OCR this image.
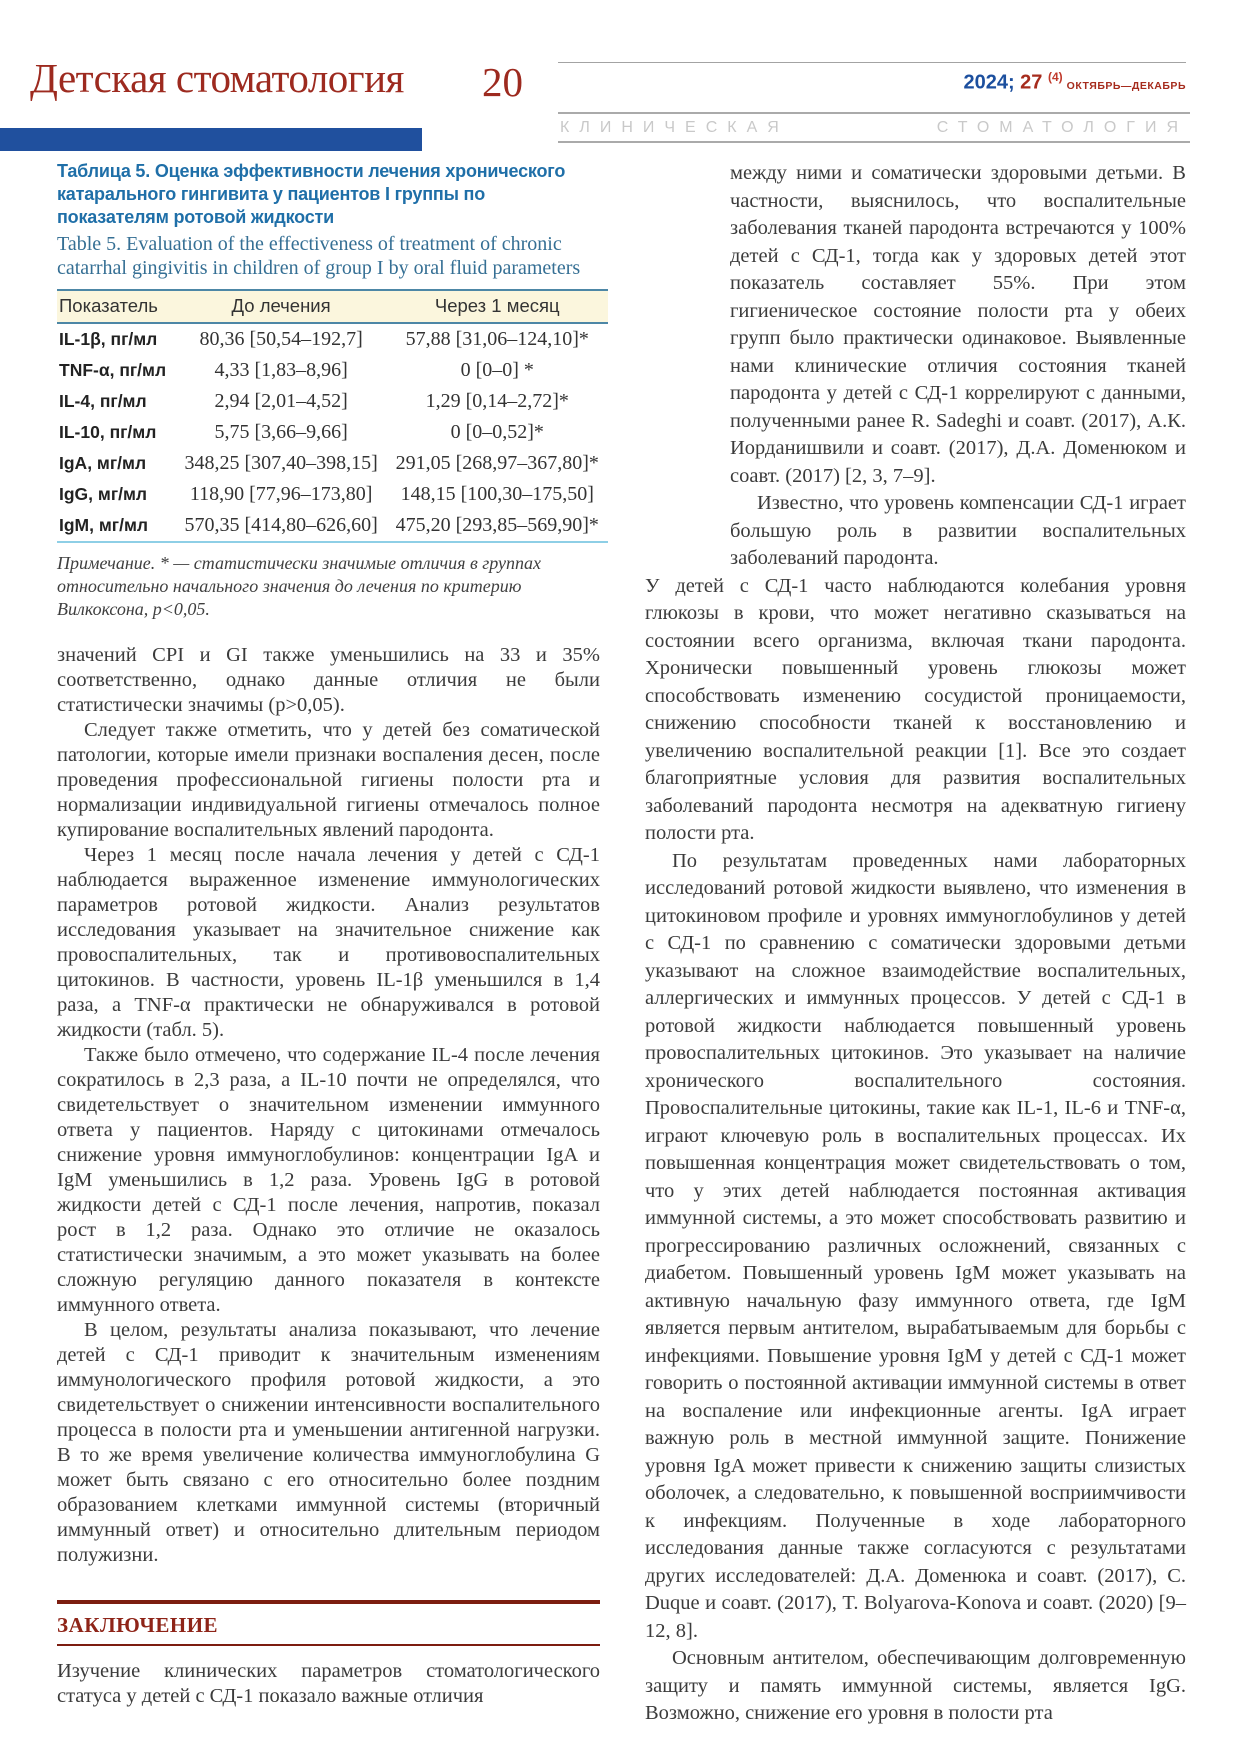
Детская стоматология 20	2024; 27 $^{(4)}$ОКТЯБРЬ—ДЕКАБРЬ
КЛИНИЧЕСКАЯ	СТОМАТОЛОГИЯ
Таблица 5. Оценка эффективности лечения хронического катарального гингивита у пациентов I группы по показателям ротовой жидкости
Table 5. Evaluation of the effectiveness of treatment of chronic catarrhal gingivitis in children of group I by oral fluid parameters
Показатель	До лечения	Через 1 месяц
IL-1β, пг/мл	80,36 [50,54–192,7]	57,88 [31,06–124,10]*
TNF-α, пг/мл	4,33 [1,83–8,96]	0 [0–0] *
IL-4, пг/мл	2,94 [2,01–4,52]	1,29 [0,14–2,72]*
IL-10, пг/мл	5,75 [3,66–9,66]	0 [0–0,52]*
IgA, мг/мл	348,25 [307,40–398,15]	291,05 [268,97–367,80]*
IgG, мг/мл	118,90 [77,96–173,80]	148,15 [100,30–175,50]
IgM, мг/мл	570,35 [414,80–626,60]	475,20 [293,85–569,90]*
Примечание. * — статистически значимые отличия в группах относительно начального значения до лечения по критерию Вилкоксона, p<0,05.

значений CPI и GI также уменьшились на 33 и 35% соответственно, однако данные отличия не были статистически значимы (p>0,05).

Следует также отметить, что у детей без соматической патологии, которые имели признаки воспаления десен, после проведения профессиональной гигиены полости рта и нормализации индивидуальной гигиены отмечалось полное купирование воспалительных явлений пародонта.

Через 1 месяц после начала лечения у детей с СД-1 наблюдается выраженное изменение иммунологических параметров ротовой жидкости. Анализ результатов исследования указывает на значительное снижение как провоспалительных, так и противовоспалительных цитокинов. В частности, уровень IL-1β уменьшился в 1,4 раза, а TNF-α практически не обнаруживался в ротовой жидкости (табл. 5).

Также было отмечено, что содержание IL-4 после лечения сократилось в 2,3 раза, а IL-10 почти не определялся, что свидетельствует о значительном изменении иммунного ответа у пациентов. Наряду с цитокинами отмечалось снижение уровня иммуноглобулинов: концентрации IgA и IgM уменьшились в 1,2 раза. Уровень IgG в ротовой жидкости детей с СД-1 после лечения, напротив, показал рост в 1,2 раза. Однако это отличие не оказалось статистически значимым, а это может указывать на более сложную регуляцию данного показателя в контексте иммунного ответа.

В целом, результаты анализа показывают, что лечение детей с СД-1 приводит к значительным изменениям иммунологического профиля ротовой жидкости, а это свидетельствует о снижении интенсивности воспалительного процесса в полости рта и уменьшении антигенной нагрузки. В то же время увеличение количества иммуноглобулина G может быть связано с его относительно более поздним образованием клетками иммунной системы (вторичный иммунный ответ) и относительно длительным периодом полужизни.

ЗАКЛЮЧЕНИЕ

Изучение клинических параметров стоматологического статуса у детей с СД-1 показало важные отличия

между ними и соматически здоровыми детьми. В частности, выяснилось, что воспалительные заболевания тканей пародонта встречаются у 100% детей с СД-1, тогда как у здоровых детей этот показатель составляет 55%. При этом гигиеническое состояние полости рта у обеих групп было практически одинаковое. Выявленные нами клинические отличия состояния тканей пародонта у детей с СД-1 коррелируют с данными, полученными ранее R. Sadeghi и соавт. (2017), А.К. Иорданишвили и соавт. (2017), Д.А. Доменюком и соавт. (2017) [2, 3, 7–9].

Известно, что уровень компенсации СД-1 играет большую роль в развитии воспалительных заболеваний пародонта.

У детей с СД-1 часто наблюдаются колебания уровня глюкозы в крови, что может негативно сказываться на состоянии всего организма, включая ткани пародонта. Хронически повышенный уровень глюкозы может способствовать изменению сосудистой проницаемости, снижению способности тканей к восстановлению и увеличению воспалительной реакции [1]. Все это создает благоприятные условия для развития воспалительных заболеваний пародонта несмотря на адекватную гигиену полости рта.

По результатам проведенных нами лабораторных исследований ротовой жидкости выявлено, что изменения в цитокиновом профиле и уровнях иммуноглобулинов у детей с СД-1 по сравнению с соматически здоровыми детьми указывают на сложное взаимодействие воспалительных, аллергических и иммунных процессов. У детей с СД-1 в ротовой жидкости наблюдается повышенный уровень провоспалительных цитокинов. Это указывает на наличие хронического воспалительного состояния. Провоспалительные цитокины, такие как IL-1, IL-6 и TNF-α, играют ключевую роль в воспалительных процессах. Их повышенная концентрация может свидетельствовать о том, что у этих детей наблюдается постоянная активация иммунной системы, а это может способствовать развитию и прогрессированию различных осложнений, связанных с диабетом. Повышенный уровень IgM может указывать на активную начальную фазу иммунного ответа, где IgM является первым антителом, вырабатываемым для борьбы с инфекциями. Повышение уровня IgM у детей с СД-1 может говорить о постоянной активации иммунной системы в ответ на воспаление или инфекционные агенты. IgA играет важную роль в местной иммунной защите. Понижение уровня IgA может привести к снижению защиты слизистых оболочек, а следовательно, к повышенной восприимчивости к инфекциям. Полученные в ходе лабораторного исследования данные также согласуются с результатами других исследователей: Д.А. Доменюка и соавт. (2017), C. Duque и соавт. (2017), T. Bolyarova-Konova и соавт. (2020) [9–12, 8].

Основным антителом, обеспечивающим долговременную защиту и память иммунной системы, является IgG. Возможно, снижение его уровня в полости рта
